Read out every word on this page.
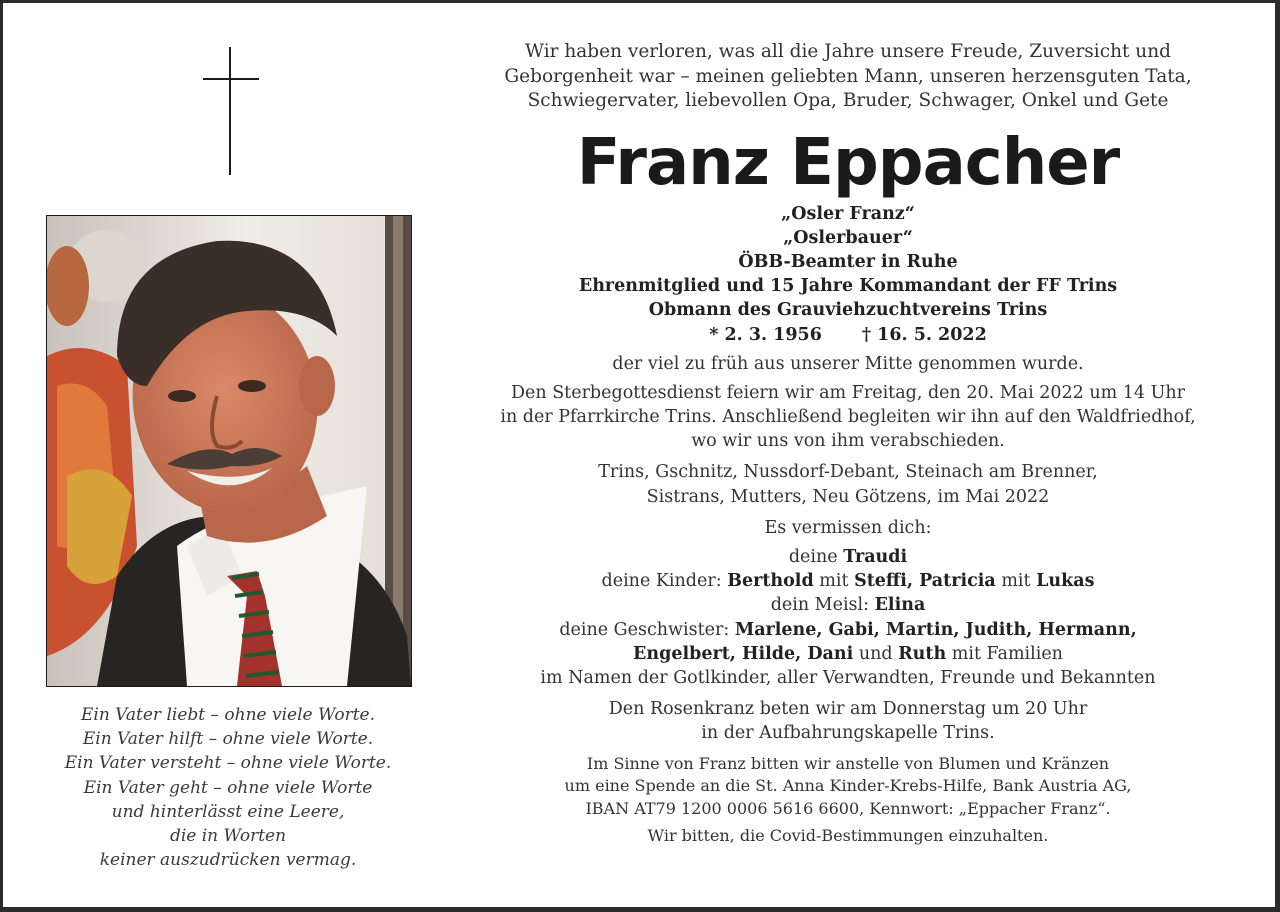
Ein Vater liebt – ohne viele Worte.
Ein Vater hilft – ohne viele Worte.
Ein Vater versteht – ohne viele Worte.
Ein Vater geht – ohne viele Worte
und hinterlässt eine Leere,
die in Worten
keiner auszudrücken vermag.
Wir haben verloren, was all die Jahre unsere Freude, Zuversicht und
Geborgenheit war – meinen geliebten Mann, unseren herzensguten Tata,
Schwiegervater, liebevollen Opa, Bruder, Schwager, Onkel und Gete
Franz Eppacher
„Osler Franz“
„Oslerbauer“
ÖBB-Beamter in Ruhe
Ehrenmitglied und 15 Jahre Kommandant der FF Trins
Obmann des Grauviehzuchtvereins Trins
* 2. 3. 1956 † 16. 5. 2022
der viel zu früh aus unserer Mitte genommen wurde.
Den Sterbegottesdienst feiern wir am Freitag, den 20. Mai 2022 um 14 Uhr
in der Pfarrkirche Trins. Anschließend begleiten wir ihn auf den Waldfriedhof,
wo wir uns von ihm verabschieden.
Trins, Gschnitz, Nussdorf-Debant, Steinach am Brenner,
Sistrans, Mutters, Neu Götzens, im Mai 2022
Es vermissen dich:
deine Traudi
deine Kinder: Berthold mit Steffi, Patricia mit Lukas
dein Meisl: Elina
deine Geschwister: Marlene, Gabi, Martin, Judith, Hermann,
Engelbert, Hilde, Dani und Ruth mit Familien
im Namen der Gotlkinder, aller Verwandten, Freunde und Bekannten
Den Rosenkranz beten wir am Donnerstag um 20 Uhr
in der Aufbahrungskapelle Trins.
Im Sinne von Franz bitten wir anstelle von Blumen und Kränzen
um eine Spende an die St. Anna Kinder-Krebs-Hilfe, Bank Austria AG,
IBAN AT79 1200 0006 5616 6600, Kennwort: „Eppacher Franz“.
Wir bitten, die Covid-Bestimmungen einzuhalten.
